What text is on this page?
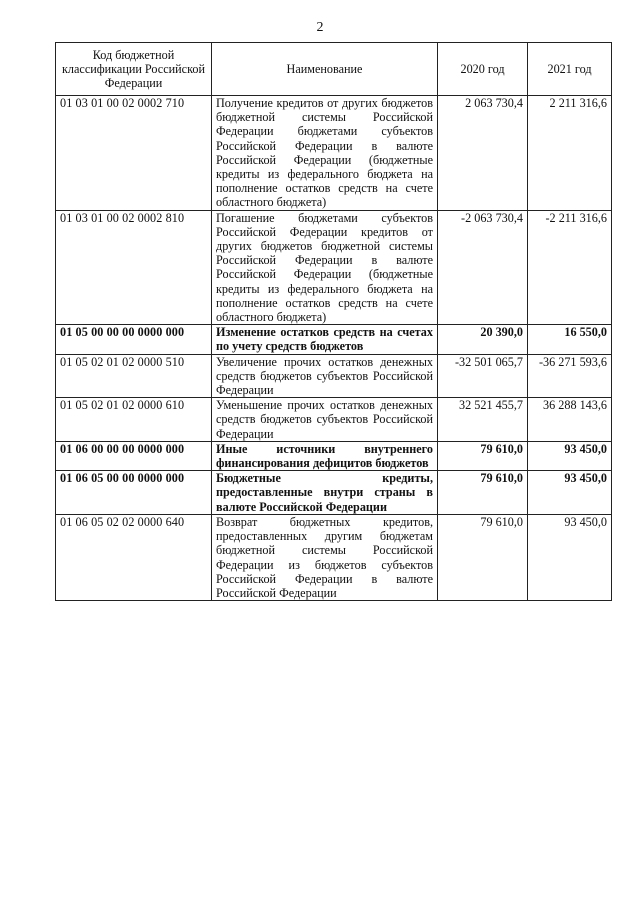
2
Код бюджетной классификации Российской Федерации	Наименование	2020 год	2021 год
01 03 01 00 02 0002 710	Получение кредитов от других бюджетов бюджетной системы Российской Федерации бюджетами субъектов Российской Федерации в валюте Российской Федерации (бюджетные кредиты из федерального бюджета на пополнение остатков средств на счете областного бюджета)	2 063 730,4	2 211 316,6
01 03 01 00 02 0002 810	Погашение бюджетами субъектов Российской Федерации кредитов от других бюджетов бюджетной системы Российской Федерации в валюте Российской Федерации (бюджетные кредиты из федерального бюджета на пополнение остатков средств на счете областного бюджета)	-2 063 730,4	-2 211 316,6
01 05 00 00 00 0000 000	Изменение остатков средств на счетах по учету средств бюджетов	20 390,0	16 550,0
01 05 02 01 02 0000 510	Увеличение прочих остатков денежных средств бюджетов субъектов Российской Федерации	-32 501 065,7	-36 271 593,6
01 05 02 01 02 0000 610	Уменьшение прочих остатков денежных средств бюджетов субъектов Российской Федерации	32 521 455,7	36 288 143,6
01 06 00 00 00 0000 000	Иные источники внутреннего финансирования дефицитов бюджетов	79 610,0	93 450,0
01 06 05 00 00 0000 000	Бюджетные кредиты, предоставленные внутри страны в валюте Российской Федерации	79 610,0	93 450,0
01 06 05 02 02 0000 640	Возврат бюджетных кредитов, предоставленных другим бюджетам бюджетной системы Российской Федерации из бюджетов субъектов Российской Федерации в валюте Российской Федерации	79 610,0	93 450,0
